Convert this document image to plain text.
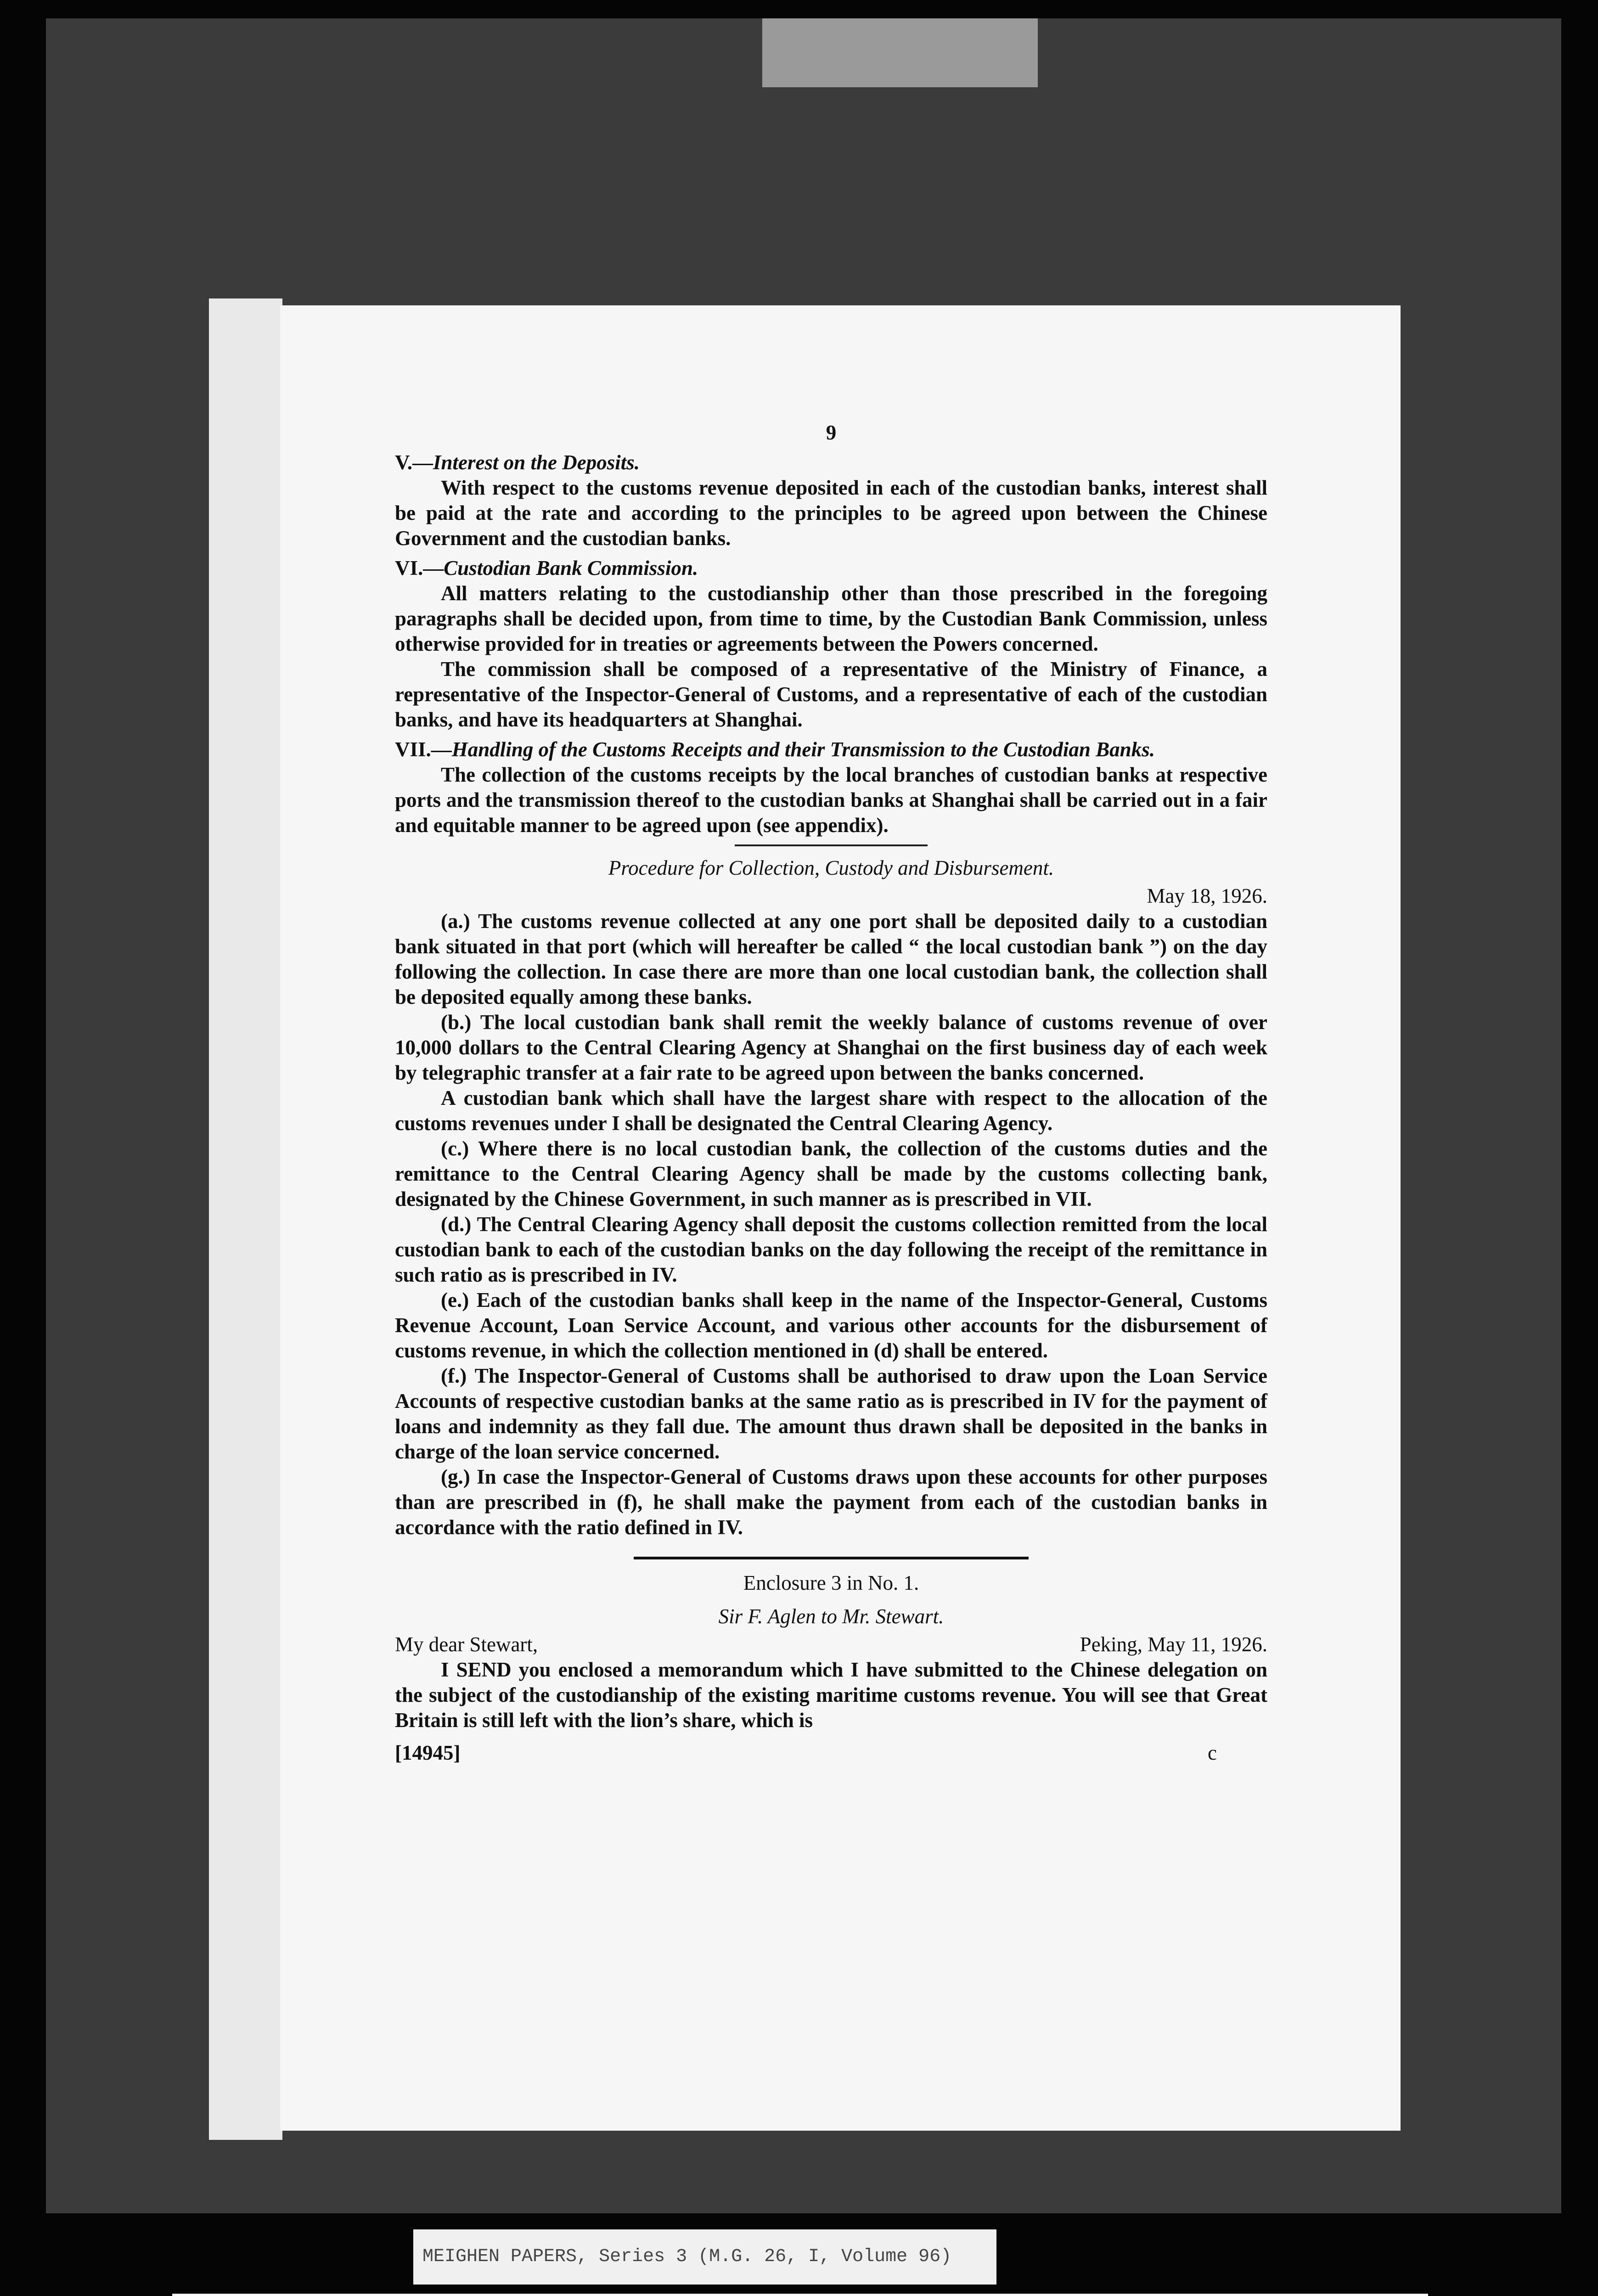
9
V.—Interest on the Deposits.
With respect to the customs revenue deposited in each of the custodian banks, interest shall be paid at the rate and according to the principles to be agreed upon between the Chinese Government and the custodian banks.
VI.—Custodian Bank Commission.
All matters relating to the custodianship other than those prescribed in the foregoing paragraphs shall be decided upon, from time to time, by the Custodian Bank Commission, unless otherwise provided for in treaties or agreements between the Powers concerned.
The commission shall be composed of a representative of the Ministry of Finance, a representative of the Inspector-General of Customs, and a representative of each of the custodian banks, and have its headquarters at Shanghai.
VII.—Handling of the Customs Receipts and their Transmission to the Custodian Banks.
The collection of the customs receipts by the local branches of custodian banks at respective ports and the transmission thereof to the custodian banks at Shanghai shall be carried out in a fair and equitable manner to be agreed upon (see appendix).
Procedure for Collection, Custody and Disbursement.
May 18, 1926.
(a.) The customs revenue collected at any one port shall be deposited daily to a custodian bank situated in that port (which will hereafter be called “ the local custodian bank ”) on the day following the collection. In case there are more than one local custodian bank, the collection shall be deposited equally among these banks.
(b.) The local custodian bank shall remit the weekly balance of customs revenue of over 10,000 dollars to the Central Clearing Agency at Shanghai on the first business day of each week by telegraphic transfer at a fair rate to be agreed upon between the banks concerned.
A custodian bank which shall have the largest share with respect to the allocation of the customs revenues under I shall be designated the Central Clearing Agency.
(c.) Where there is no local custodian bank, the collection of the customs duties and the remittance to the Central Clearing Agency shall be made by the customs collecting bank, designated by the Chinese Government, in such manner as is prescribed in VII.
(d.) The Central Clearing Agency shall deposit the customs collection remitted from the local custodian bank to each of the custodian banks on the day following the receipt of the remittance in such ratio as is prescribed in IV.
(e.) Each of the custodian banks shall keep in the name of the Inspector-General, Customs Revenue Account, Loan Service Account, and various other accounts for the disbursement of customs revenue, in which the collection mentioned in (d) shall be entered.
(f.) The Inspector-General of Customs shall be authorised to draw upon the Loan Service Accounts of respective custodian banks at the same ratio as is prescribed in IV for the payment of loans and indemnity as they fall due. The amount thus drawn shall be deposited in the banks in charge of the loan service concerned.
(g.) In case the Inspector-General of Customs draws upon these accounts for other purposes than are prescribed in (f), he shall make the payment from each of the custodian banks in accordance with the ratio defined in IV.
Enclosure 3 in No. 1.
Sir F. Aglen to Mr. Stewart.
My dear Stewart,	Peking, May 11, 1926.
I SEND you enclosed a memorandum which I have submitted to the Chinese delegation on the subject of the custodianship of the existing maritime customs revenue. You will see that Great Britain is still left with the lion’s share, which is
[14945]	c
MEIGHEN PAPERS, Series 3 (M.G. 26, I, Volume 96)
